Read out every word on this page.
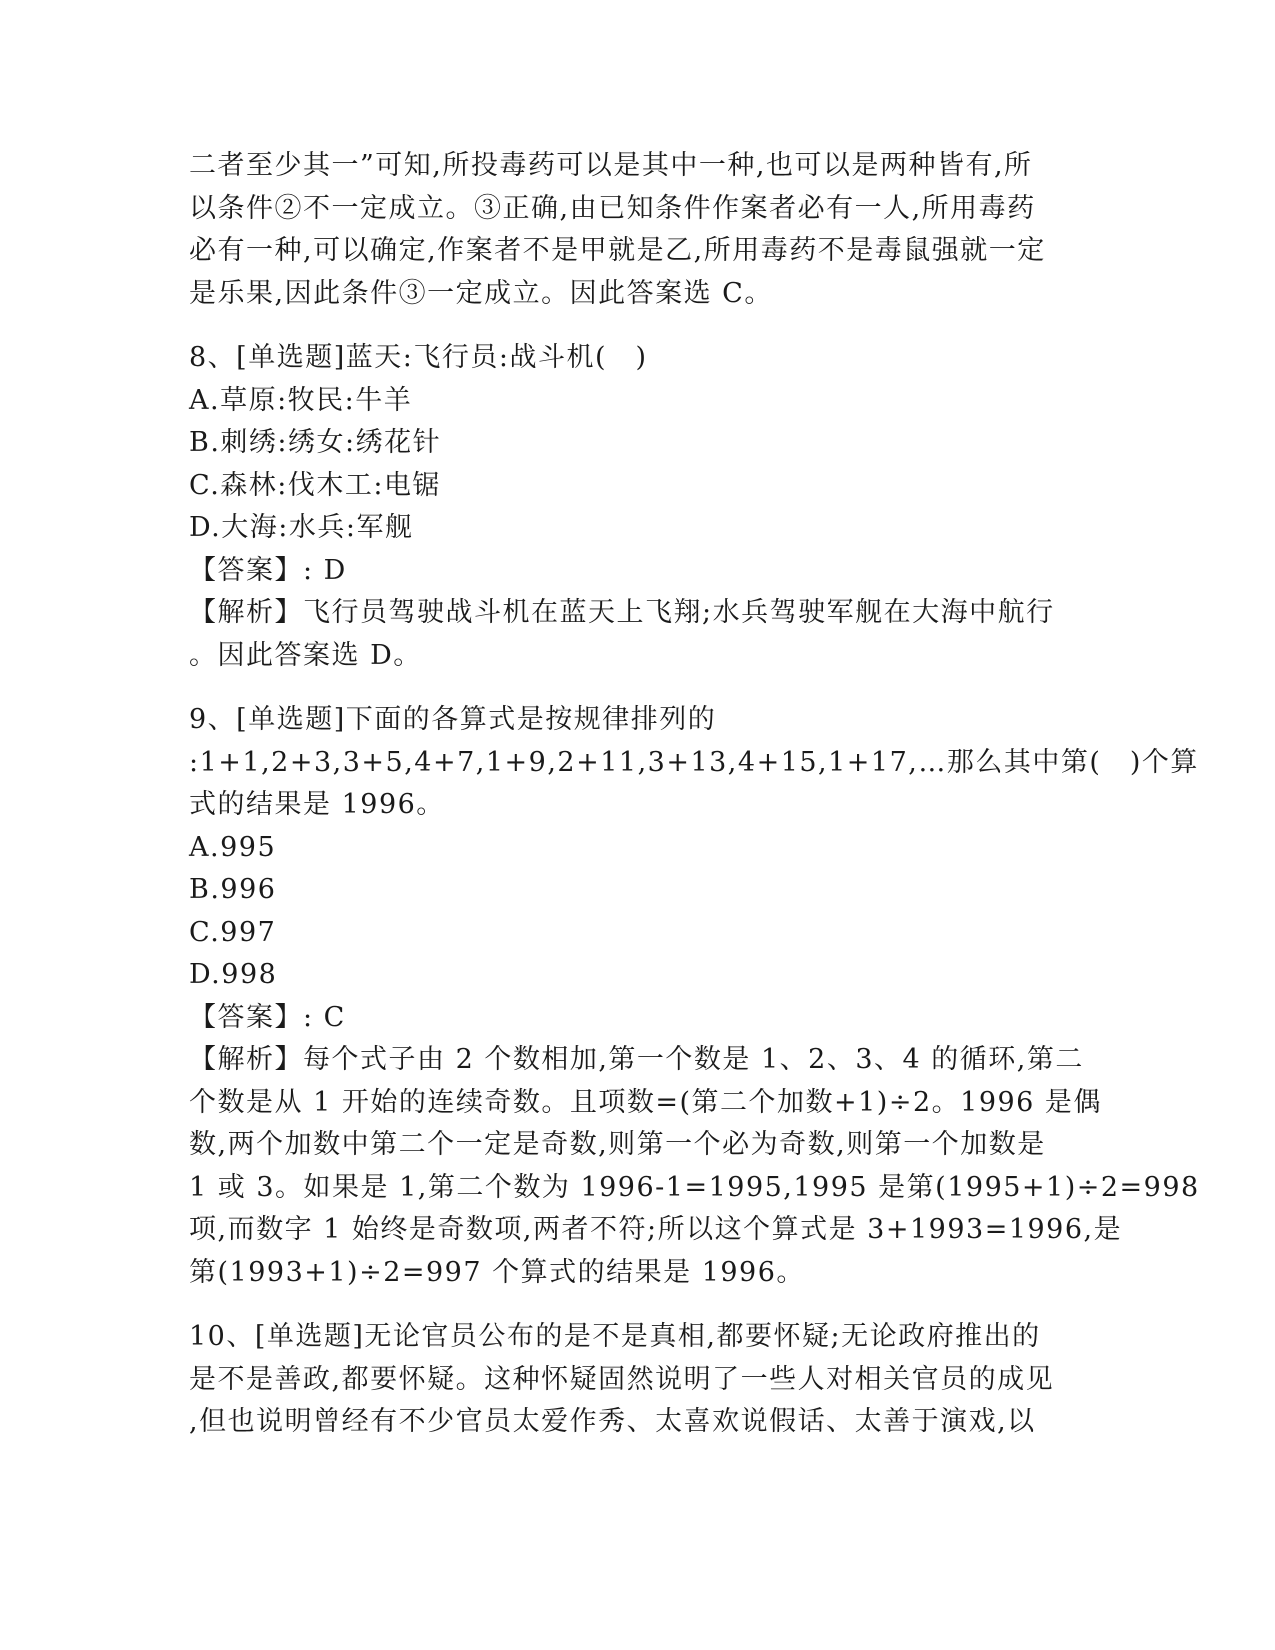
二者至少其一”可知,所投毒药可以是其中一种,也可以是两种皆有,所

以条件②不一定成立。③正确,由已知条件作案者必有一人,所用毒药

必有一种,可以确定,作案者不是甲就是乙,所用毒药不是毒鼠强就一定

是乐果,因此条件③一定成立。因此答案选 C。

8、[单选题]蓝天:飞行员:战斗机(　)

A.草原:牧民:牛羊

B.刺绣:绣女:绣花针

C.森林:伐木工:电锯

D.大海:水兵:军舰

【答案】: D

【解析】飞行员驾驶战斗机在蓝天上飞翔;水兵驾驶军舰在大海中航行

。因此答案选 D。

9、[单选题]下面的各算式是按规律排列的

:1+1,2+3,3+5,4+7,1+9,2+11,3+13,4+15,1+17,…那么其中第(　)个算

式的结果是 1996。

A.995

B.996

C.997

D.998

【答案】: C

【解析】每个式子由 2 个数相加,第一个数是 1、2、3、4 的循环,第二

个数是从 1 开始的连续奇数。且项数=(第二个加数+1)÷2。1996 是偶

数,两个加数中第二个一定是奇数,则第一个必为奇数,则第一个加数是

1 或 3。如果是 1,第二个数为 1996-1=1995,1995 是第(1995+1)÷2=998

项,而数字 1 始终是奇数项,两者不符;所以这个算式是 3+1993=1996,是

第(1993+1)÷2=997 个算式的结果是 1996。

10、[单选题]无论官员公布的是不是真相,都要怀疑;无论政府推出的

是不是善政,都要怀疑。这种怀疑固然说明了一些人对相关官员的成见

,但也说明曾经有不少官员太爱作秀、太喜欢说假话、太善于演戏,以
